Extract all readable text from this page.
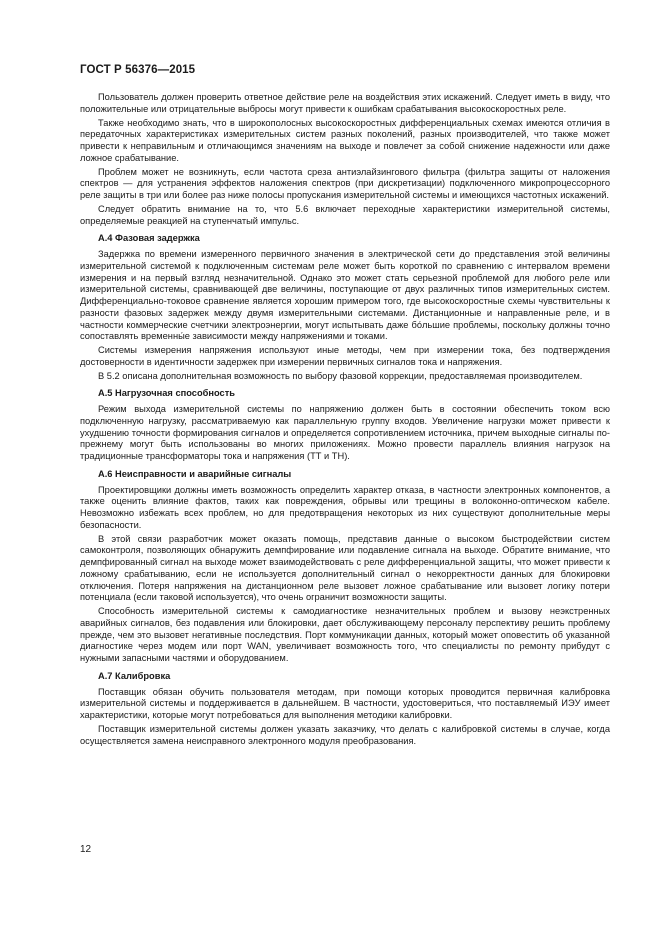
ГОСТ Р 56376—2015

Пользователь должен проверить ответное действие реле на воздействия этих искажений. Следует иметь в виду, что положительные или отрицательные выбросы могут привести к ошибкам срабатывания высокоскоростных реле.

Также необходимо знать, что в широкополосных высокоскоростных дифференциальных схемах имеются отличия в передаточных характеристиках измерительных систем разных поколений, разных производителей, что также может привести к неправильным и отличающимся значениям на выходе и повлечет за собой снижение надежности или даже ложное срабатывание.

Проблем может не возникнуть, если частота среза антиэлайзингового фильтра (фильтра защиты от наложения спектров — для устранения эффектов наложения спектров (при дискретизации) подключенного микропроцессорного реле защиты в три или более раз ниже полосы пропускания измерительной системы и имеющихся частотных искажений.

Следует обратить внимание на то, что 5.6 включает переходные характеристики измерительной системы, определяемые реакцией на ступенчатый импульс.

А.4 Фазовая задержка

Задержка по времени измеренного первичного значения в электрической сети до представления этой величины измерительной системой к подключенным системам реле может быть короткой по сравнению с интервалом времени измерения и на первый взгляд незначительной. Однако это может стать серьезной проблемой для любого реле или измерительной системы, сравнивающей две величины, поступающие от двух различных типов измерительных систем. Дифференциально-токовое сравнение является хорошим примером того, где высокоскоростные схемы чувствительны к разности фазовых задержек между двумя измерительными системами. Дистанционные и направленные реле, и в частности коммерческие счетчики электроэнергии, могут испытывать даже бо́льшие проблемы, поскольку должны точно сопоставлять временны́е зависимости между напряжениями и токами.

Системы измерения напряжения используют иные методы, чем при измерении тока, без подтверждения достоверности в идентичности задержек при измерении первичных сигналов тока и напряжения.

В 5.2 описана дополнительная возможность по выбору фазовой коррекции, предоставляемая производителем.

А.5 Нагрузочная способность

Режим выхода измерительной системы по напряжению должен быть в состоянии обеспечить током всю подключенную нагрузку, рассматриваемую как параллельную группу входов. Увеличение нагрузки может привести к ухудшению точности формирования сигналов и определяется сопротивлением источника, причем выходные сигналы по-прежнему могут быть использованы во многих приложениях. Можно провести параллель влияния нагрузок на традиционные трансформаторы тока и напряжения (ТТ и ТН).

А.6 Неисправности и аварийные сигналы

Проектировщики должны иметь возможность определить характер отказа, в частности электронных компонентов, а также оценить влияние фактов, таких как повреждения, обрывы или трещины в волоконно-оптическом кабеле. Невозможно избежать всех проблем, но для предотвращения некоторых из них существуют дополнительные меры безопасности.

В этой связи разработчик может оказать помощь, представив данные о высоком быстродействии систем самоконтроля, позволяющих обнаружить демпфирование или подавление сигнала на выходе. Обратите внимание, что демпфированный сигнал на выходе может взаимодействовать с реле дифференциальной защиты, что может привести к ложному срабатыванию, если не используется дополнительный сигнал о некорректности данных для блокировки отключения. Потеря напряжения на дистанционном реле вызовет ложное срабатывание или вызовет логику потери потенциала (если таковой используется), что очень ограничит возможности защиты.

Способность измерительной системы к самодиагностике незначительных проблем и вызову неэкстренных аварийных сигналов, без подавления или блокировки, дает обслуживающему персоналу перспективу решить проблему прежде, чем это вызовет негативные последствия. Порт коммуникации данных, который может оповестить об указанной диагностике через модем или порт WAN, увеличивает возможность того, что специалисты по ремонту прибудут с нужными запасными частями и оборудованием.

А.7 Калибровка

Поставщик обязан обучить пользователя методам, при помощи которых проводится первичная калибровка измерительной системы и поддерживается в дальнейшем. В частности, удостовериться, что поставляемый ИЭУ имеет характеристики, которые могут потребоваться для выполнения методики калибровки.

Поставщик измерительной системы должен указать заказчику, что делать с калибровкой системы в случае, когда осуществляется замена неисправного электронного модуля преобразования.

12
